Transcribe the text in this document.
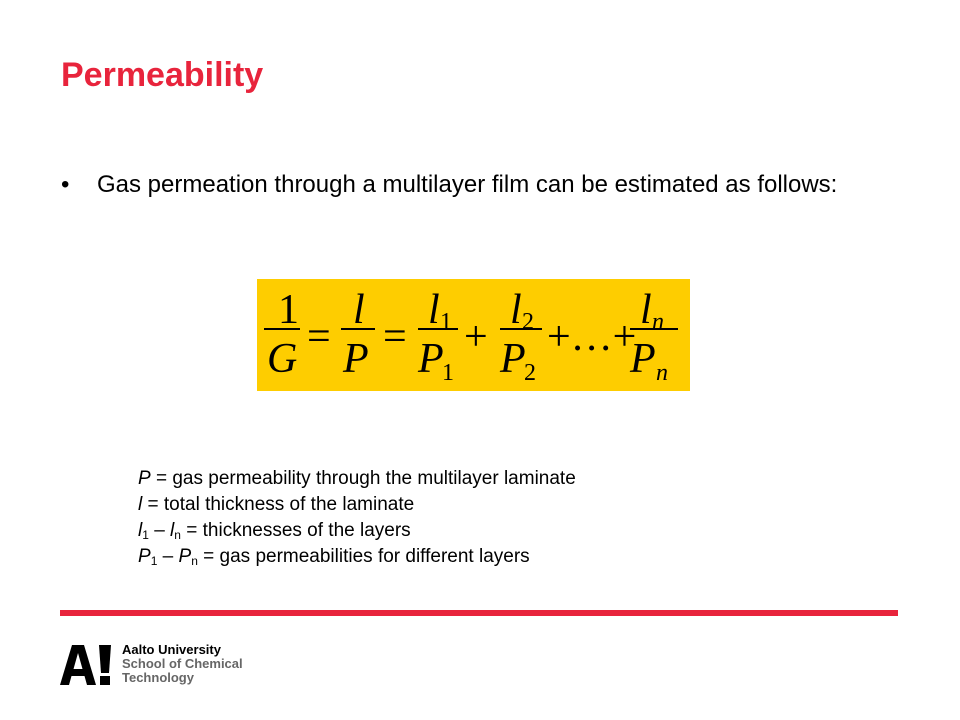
Permeability
• Gas permeation through a multilayer film can be estimated as follows:
1
G =
l
P =
l 1
P
1
+
l 2
P
2
+…+
l n
P n
P = gas permeability through the multilayer laminate
l = total thickness of the laminate
$l_1 - l_n$ = thicknesses of the layers
$P_1 - P_n$ = gas permeabilities for different layers
Aalto University
School of Chemical
Technology
